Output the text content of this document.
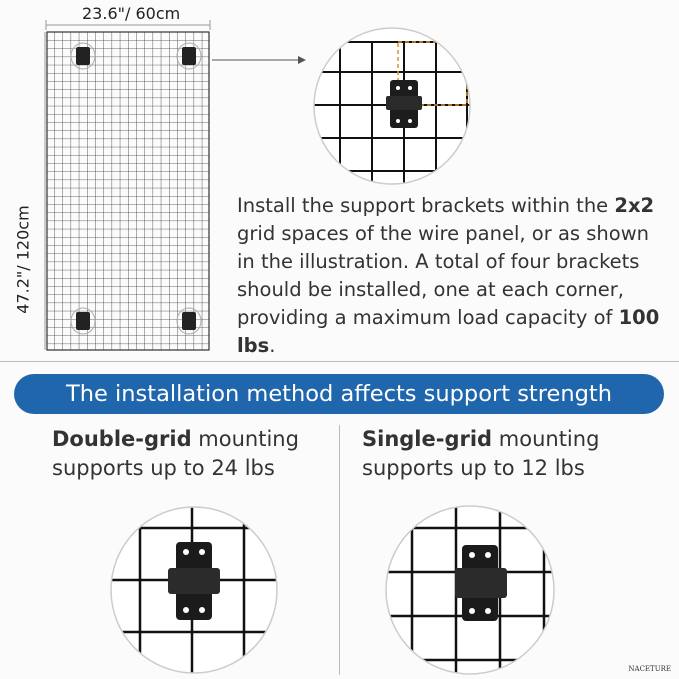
23.6"/ 60cm
47.2"/ 120cm	Install the support brackets within the 2x2 grid spaces of the wire panel, or as shown in the illustration. A total of four brackets should be installed, one at each corner, providing a maximum load capacity of 100 lbs.
The installation method affects support strength
Double-grid mounting supports up to 24 lbs
Single-grid mounting supports up to 12 lbs
NACETURE
